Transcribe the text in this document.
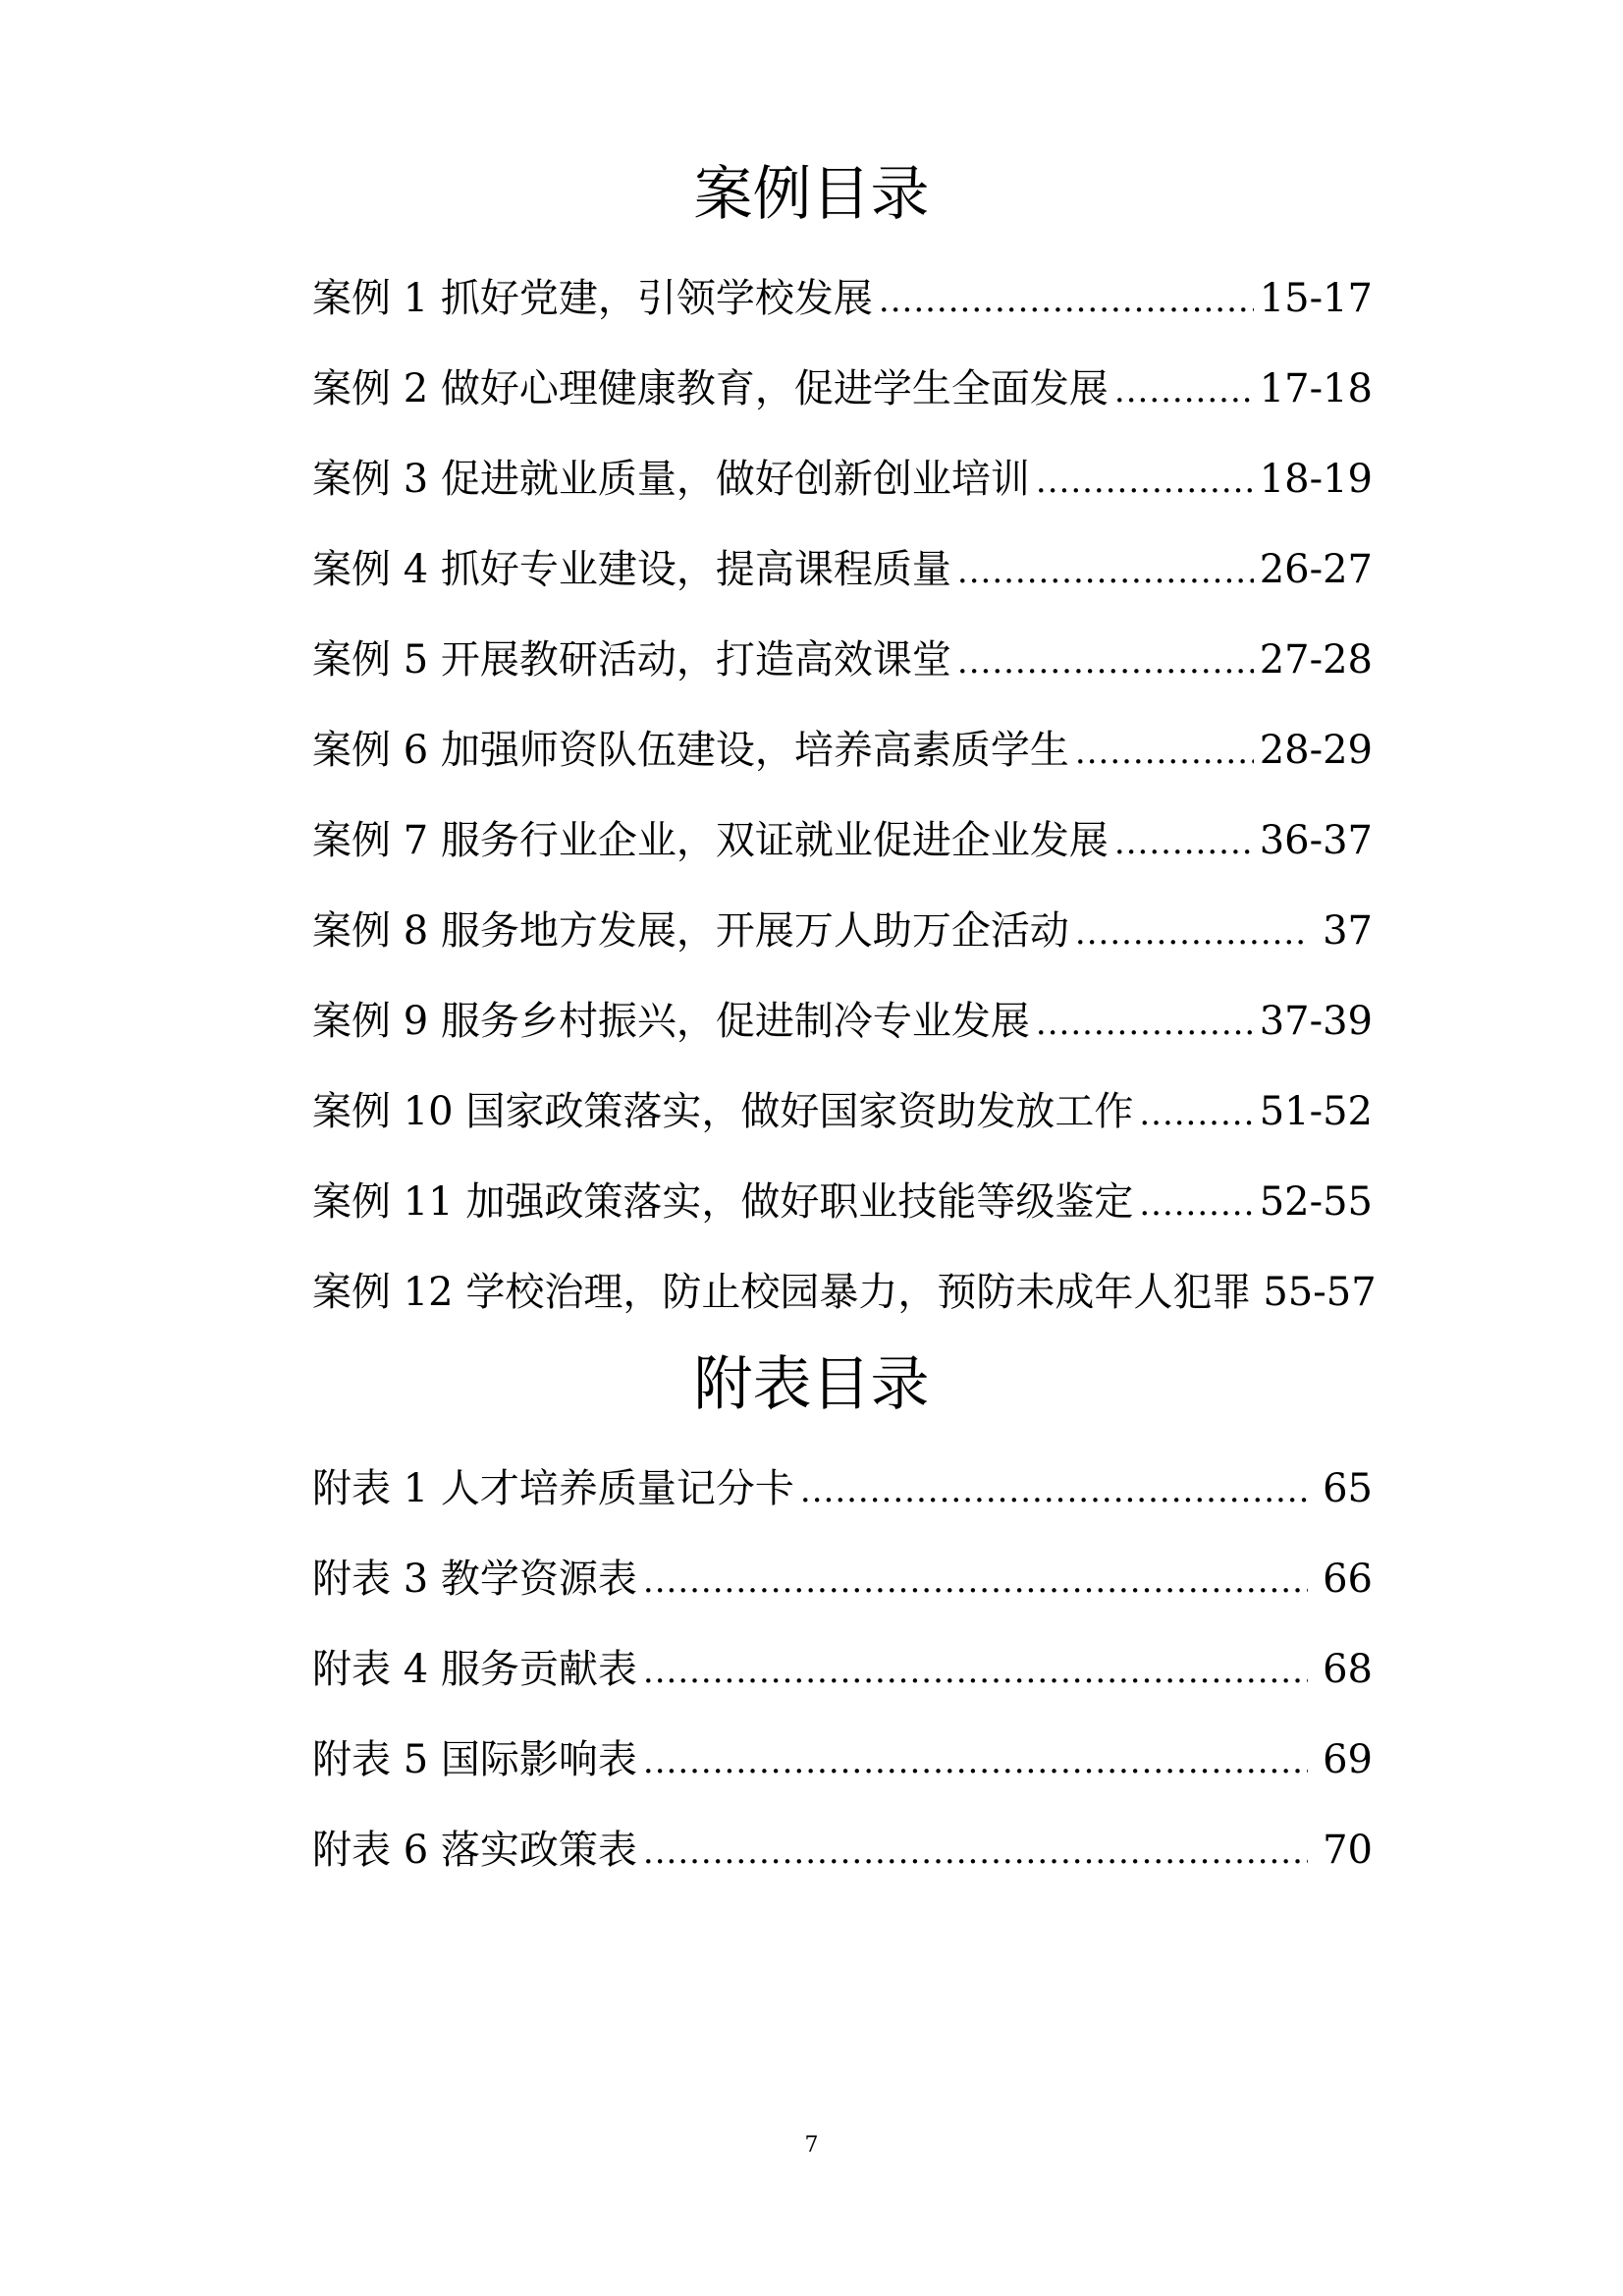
案例目录
案例 1 抓好党建，引领学校发展 .....	15-17
案例 2 做好心理健康教育，促进学生全面发展 .....	17-18
案例 3 促进就业质量，做好创新创业培训 .....	18-19
案例 4 抓好专业建设，提高课程质量 .....	26-27
案例 5 开展教研活动，打造高效课堂 .....	27-28
案例 6 加强师资队伍建设，培养高素质学生 .....	28-29
案例 7 服务行业企业，双证就业促进企业发展 .....	36-37
案例 8 服务地方发展，开展万人助万企活动 .....	37
案例 9 服务乡村振兴，促进制冷专业发展 .....	37-39
案例 10 国家政策落实，做好国家资助发放工作 .....	51-52
案例 11 加强政策落实，做好职业技能等级鉴定 .....	52-55
案例 12 学校治理，防止校园暴力，预防未成年人犯罪 55-57
附表目录
附表 1 人才培养质量记分卡 .....	65
附表 3 教学资源表 .....	66
附表 4 服务贡献表 .....	68
附表 5 国际影响表 .....	69
附表 6 落实政策表 .....	70
7
